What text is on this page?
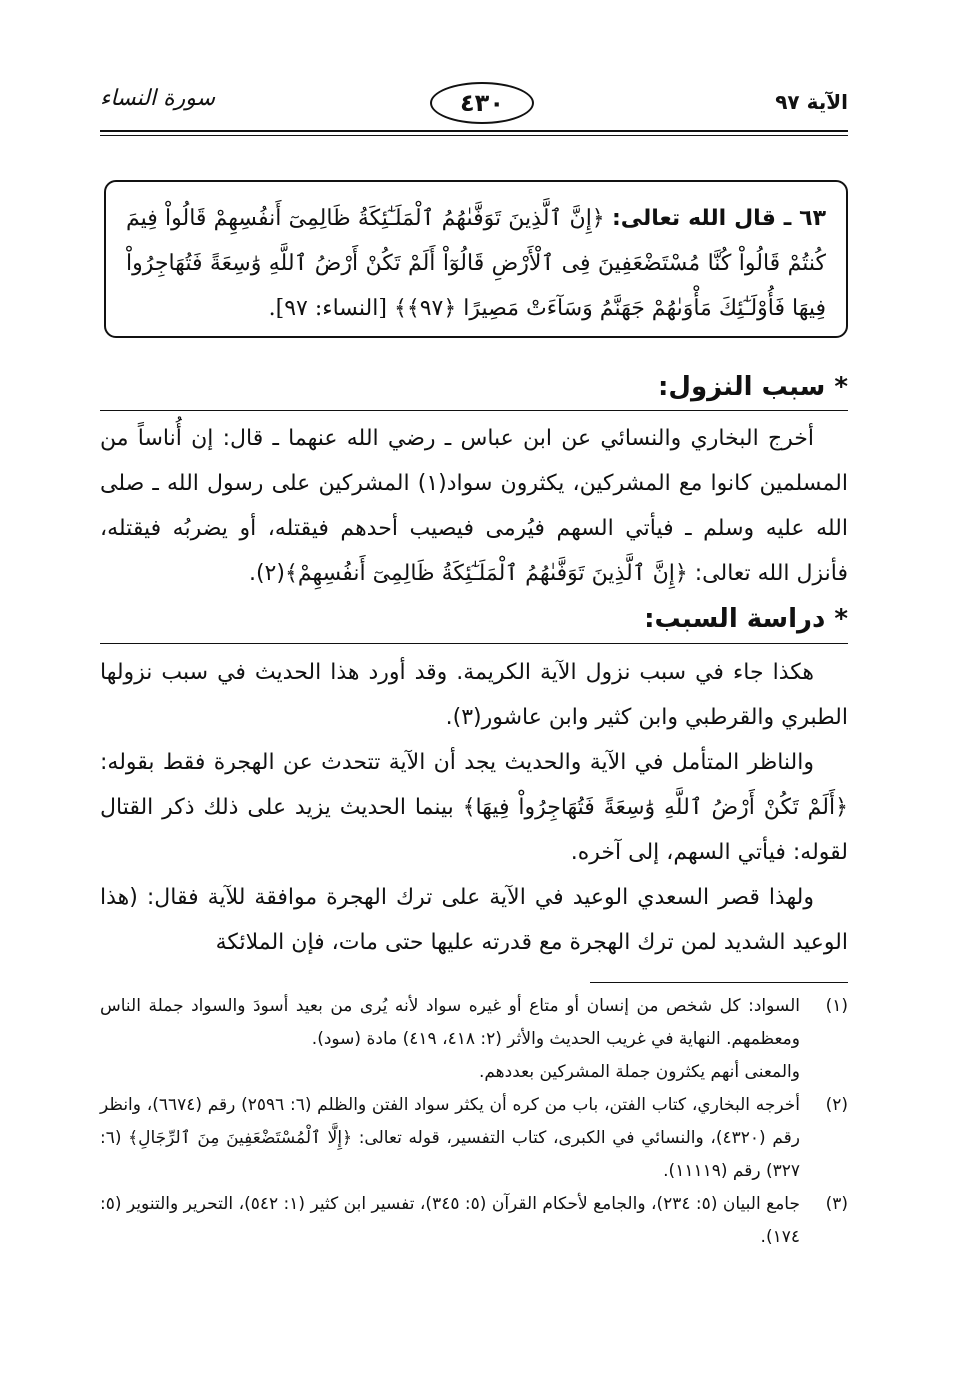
الآية ٩٧
٤٣٠
سورة النساء
٦٣ ـ قال الله تعالى: ﴿إِنَّ ٱلَّذِينَ تَوَفَّىٰهُمُ ٱلْمَلَـٰٓئِكَةُ ظَالِمِىٓ أَنفُسِهِمْ قَالُواْ فِيمَ كُنتُمْ قَالُواْ كُنَّا مُسْتَضْعَفِينَ فِى ٱلْأَرْضِ قَالُوٓاْ أَلَمْ تَكُنْ أَرْضُ ٱللَّهِ وَٰسِعَةً فَتُهَاجِرُواْ فِيهَا فَأُوْلَـٰٓئِكَ مَأْوَىٰهُمْ جَهَنَّمُ وَسَآءَتْ مَصِيرًا ﴿٩٧﴾﴾ [النساء: ٩٧].
* سبب النزول:

أخرج البخاري والنسائي عن ابن عباس ـ رضي الله عنهما ـ قال: إن أُناساً من المسلمين كانوا مع المشركين، يكثرون سواد(١) المشركين على رسول الله ـ صلى الله عليه وسلم ـ فيأتي السهم فيُرمى فيصيب أحدهم فيقتله، أو يضربُه فيقتله، فأنزل الله تعالى: ﴿إِنَّ ٱلَّذِينَ تَوَفَّىٰهُمُ ٱلْمَلَـٰٓئِكَةُ ظَالِمِىٓ أَنفُسِهِمْ﴾(٢).

* دراسة السبب:

هكذا جاء في سبب نزول الآية الكريمة. وقد أورد هذا الحديث في سبب نزولها الطبري والقرطبي وابن كثير وابن عاشور(٣).

والناظر المتأمل في الآية والحديث يجد أن الآية تتحدث عن الهجرة فقط بقوله: ﴿أَلَمْ تَكُنْ أَرْضُ ٱللَّهِ وَٰسِعَةً فَتُهَاجِرُواْ فِيهَا﴾ بينما الحديث يزيد على ذلك ذكر القتال لقوله: فيأتي السهم، إلى آخره.

ولهذا قصر السعدي الوعيد في الآية على ترك الهجرة موافقة للآية فقال: (هذا الوعيد الشديد لمن ترك الهجرة مع قدرته عليها حتى مات، فإن الملائكة

(١)
السواد: كل شخص من إنسان أو متاع أو غيره سواد لأنه يُرى من بعيد أسودَ والسواد جملة الناس ومعظمهم. النهاية في غريب الحديث والأثر (٢: ٤١٨، ٤١٩) مادة (سود).
والمعنى أنهم يكثرون جملة المشركين بعددهم.
(٢)
أخرجه البخاري، كتاب الفتن، باب من كره أن يكثر سواد الفتن والظلم (٦: ٢٥٩٦) رقم (٦٦٧٤)، وانظر رقم (٤٣٢٠)، والنسائي في الكبرى، كتاب التفسير، قوله تعالى: ﴿إِلَّا ٱلْمُسْتَضْعَفِينَ مِنَ ٱلرِّجَالِ﴾ (٦: ٣٢٧) رقم (١١١١٩).
(٣)
جامع البيان (٥: ٢٣٤)، والجامع لأحكام القرآن (٥: ٣٤٥)، تفسير ابن كثير (١: ٥٤٢)، التحرير والتنوير (٥: ١٧٤).
